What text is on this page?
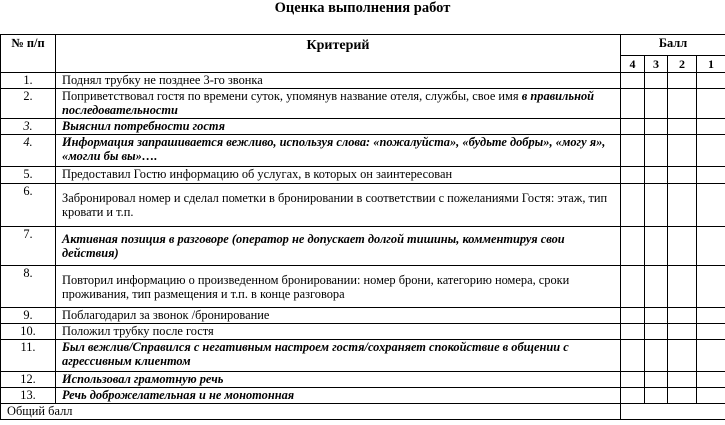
Оценка выполнения работ
№ п/п	Критерий	Балл			
		4	3	2	1
1.	Поднял трубку не позднее 3-го звонка				
2.	Поприветствовал гостя по времени суток, упомянув название отеля, службы, свое имя в правильной последовательности				
3.	Выяснил потребности гостя				
4.	Информация запрашивается вежливо, используя слова: «пожалуйста», «будьте добры», «могу я», «могли бы вы»….				
5.	Предоставил Гостю информацию об услугах, в которых он заинтересован				
6.	Забронировал номер и сделал пометки в бронировании в соответствии с пожеланиями Гостя: этаж, тип кровати и т.п.				
7.	Активная позиция в разговоре (оператор не допускает долгой тишины, комментируя свои действия)				
8.	Повторил информацию о произведенном бронировании: номер брони, категорию номера, сроки проживания, тип размещения и т.п. в конце разговора				
9.	Поблагодарил за звонок /бронирование				
10.	Положил трубку после гостя				
11.	Был вежлив/Справился с негативным настроем гостя/сохраняет спокойствие в общении с агрессивным клиентом				
12.	Использовал грамотную речь				
13.	Речь доброжелательная и не монотонная				
Общий балл					
